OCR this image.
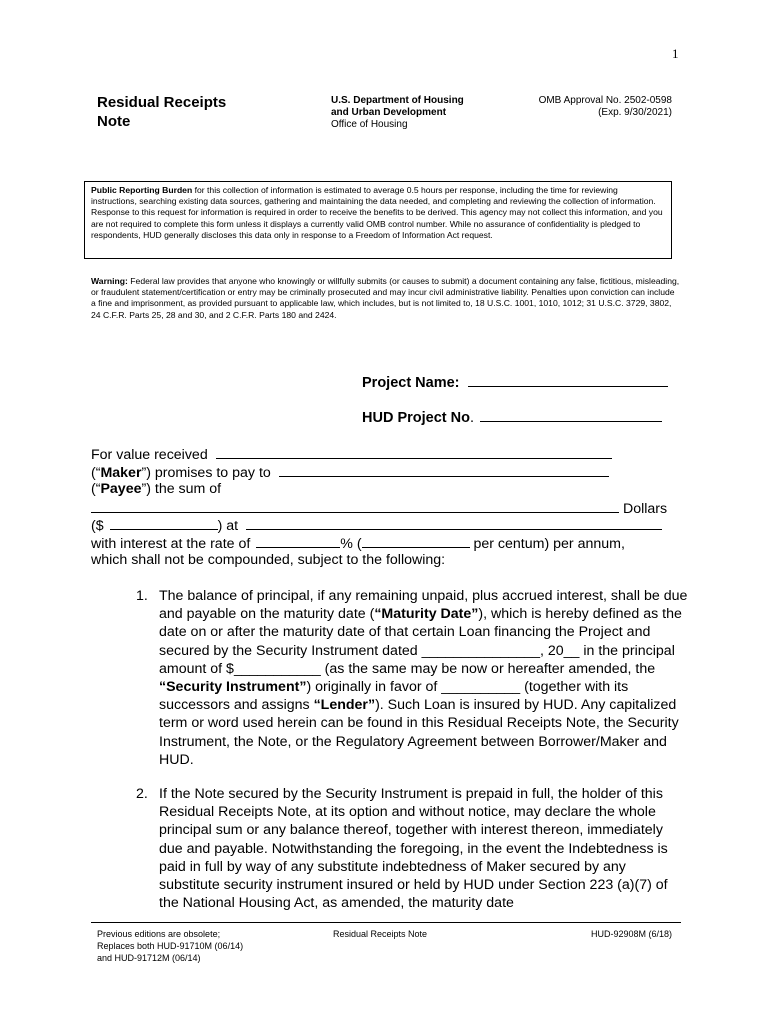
1
Residual Receipts
Note
U.S. Department of Housing
and Urban Development
Office of Housing
OMB Approval No. 2502-0598
(Exp. 9/30/2021)
Public Reporting Burden for this collection of information is estimated to average 0.5 hours per response, including the time for reviewing instructions, searching existing data sources, gathering and maintaining the data needed, and completing and reviewing the collection of information. Response to this request for information is required in order to receive the benefits to be derived. This agency may not collect this information, and you are not required to complete this form unless it displays a currently valid OMB control number. While no assurance of confidentiality is pledged to respondents, HUD generally discloses this data only in response to a Freedom of Information Act request.
Warning: Federal law provides that anyone who knowingly or willfully submits (or causes to submit) a document containing any false, fictitious, misleading, or fraudulent statement/certification or entry may be criminally prosecuted and may incur civil administrative liability. Penalties upon conviction can include a fine and imprisonment, as provided pursuant to applicable law, which includes, but is not limited to, 18 U.S.C. 1001, 1010, 1012; 31 U.S.C. 3729, 3802, 24 C.F.R. Parts 25, 28 and 30, and 2 C.F.R. Parts 180 and 2424.
Project Name:
HUD Project No.
For value received
(“Maker”) promises to pay to
(“Payee”) the sum of
Dollars
($	) at
with interest at the rate of	% (	per centum) per annum,
which shall not be compounded, subject to the following:
1. The balance of principal, if any remaining unpaid, plus accrued interest, shall be due and payable on the maturity date (“Maturity Date”), which is hereby defined as the date on or after the maturity date of that certain Loan financing the Project and secured by the Security Instrument dated _______________, 20__ in the principal amount of $___________ (as the same may be now or hereafter amended, the “Security Instrument”) originally in favor of __________ (together with its successors and assigns “Lender”). Such Loan is insured by HUD. Any capitalized term or word used herein can be found in this Residual Receipts Note, the Security Instrument, the Note, or the Regulatory Agreement between Borrower/Maker and HUD.
2. If the Note secured by the Security Instrument is prepaid in full, the holder of this Residual Receipts Note, at its option and without notice, may declare the whole principal sum or any balance thereof, together with interest thereon, immediately due and payable. Notwithstanding the foregoing, in the event the Indebtedness is paid in full by way of any substitute indebtedness of Maker secured by any substitute security instrument insured or held by HUD under Section 223 (a)(7) of the National Housing Act, as amended, the maturity date
Previous editions are obsolete;
Replaces both HUD-91710M (06/14)
and HUD-91712M (06/14)
Residual Receipts Note	HUD-92908M (6/18)
